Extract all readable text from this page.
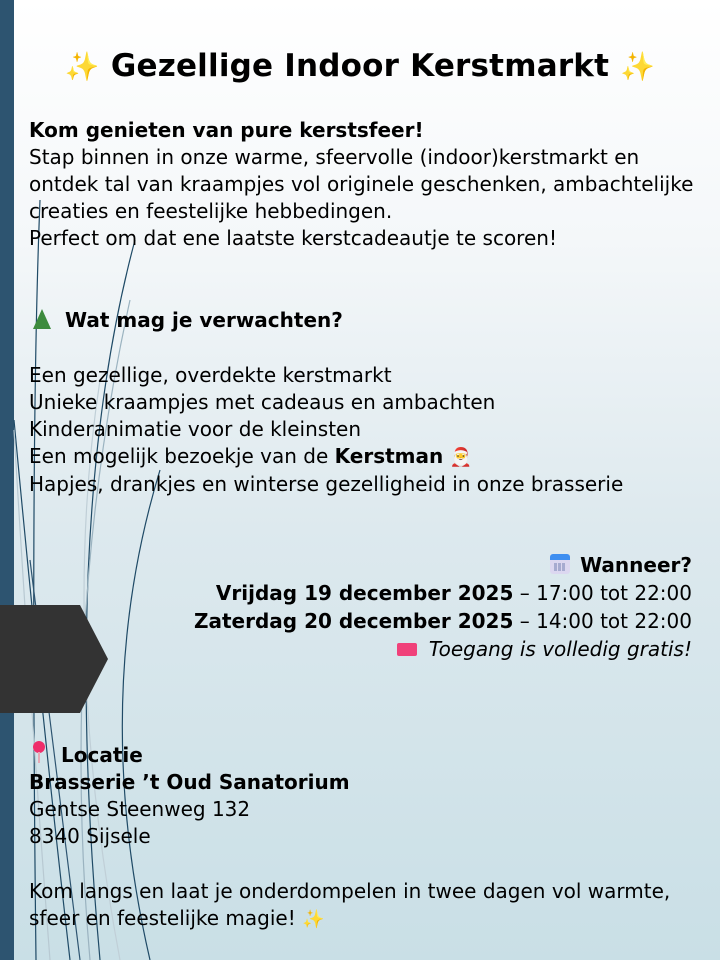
✨ Gezellige Indoor Kerstmarkt ✨
Kom genieten van pure kerstsfeer!
Stap binnen in onze warme, sfeervolle (indoor)kerstmarkt en
ontdek tal van kraampjes vol originele geschenken, ambachtelijke
creaties en feestelijke hebbedingen.
Perfect om dat ene laatste kerstcadeautje te scoren!
Wat mag je verwachten?
Een gezellige, overdekte kerstmarkt
Unieke kraampjes met cadeaus en ambachten
Kinderanimatie voor de kleinsten
Een mogelijk bezoekje van de Kerstman 🎅
Hapjes, drankjes en winterse gezelligheid in onze brasserie
Wanneer?
Vrijdag 19 december 2025 – 17:00 tot 22:00
Zaterdag 20 december 2025 – 14:00 tot 22:00
Toegang is volledig gratis!
Locatie
Brasserie ’t Oud Sanatorium
Gentse Steenweg 132
8340 Sijsele
Kom langs en laat je onderdompelen in twee dagen vol warmte,
sfeer en feestelijke magie! ✨
